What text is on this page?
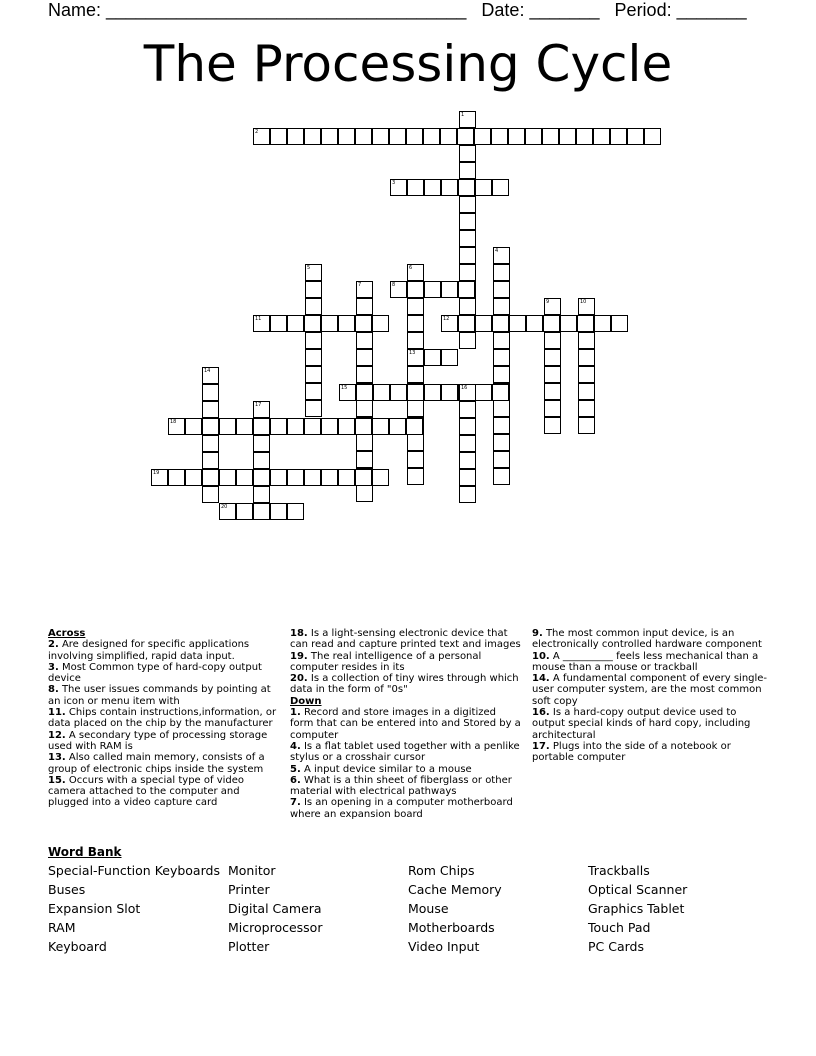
Name: ____________________________________ Date: _______ Period: _______
The Processing Cycle
1
2
3
4
5	6
13
7	8
9	10
11	12
14
15	16
17
18
19
20
Across
2. Are designed for specific applications involving simplified, rapid data input.
3. Most Common type of hard-copy output device
8. The user issues commands by pointing at an icon or menu item with
11. Chips contain instructions,information, or data placed on the chip by the manufacturer
12. A secondary type of processing storage used with RAM is
13. Also called main memory, consists of a group of electronic chips inside the system
15. Occurs with a special type of video camera attached to the computer and plugged into a video capture card
18. Is a light-sensing electronic device that can read and capture printed text and images
19. The real intelligence of a personal computer resides in its
20. Is a collection of tiny wires through which data in the form of "0s"
Down
1. Record and store images in a digitized form that can be entered into and Stored by a computer
4. Is a flat tablet used together with a penlike stylus or a crosshair cursor
5. A input device similar to a mouse
6. What is a thin sheet of fiberglass or other material with electrical pathways
7. Is an opening in a computer motherboard where an expansion board
9. The most common input device, is an electronically controlled hardware component
10. A __________ feels less mechanical than a mouse than a mouse or trackball
14. A fundamental component of every single-user computer system, are the most common soft copy
16. Is a hard-copy output device used to output special kinds of hard copy, including architectural
17. Plugs into the side of a notebook or portable computer
Word Bank
Special-Function Keyboards
Buses
Expansion Slot
RAM
Keyboard
Monitor
Printer
Digital Camera
Microprocessor
Plotter
Rom Chips
Cache Memory
Mouse
Motherboards
Video Input
Trackballs
Optical Scanner
Graphics Tablet
Touch Pad
PC Cards
